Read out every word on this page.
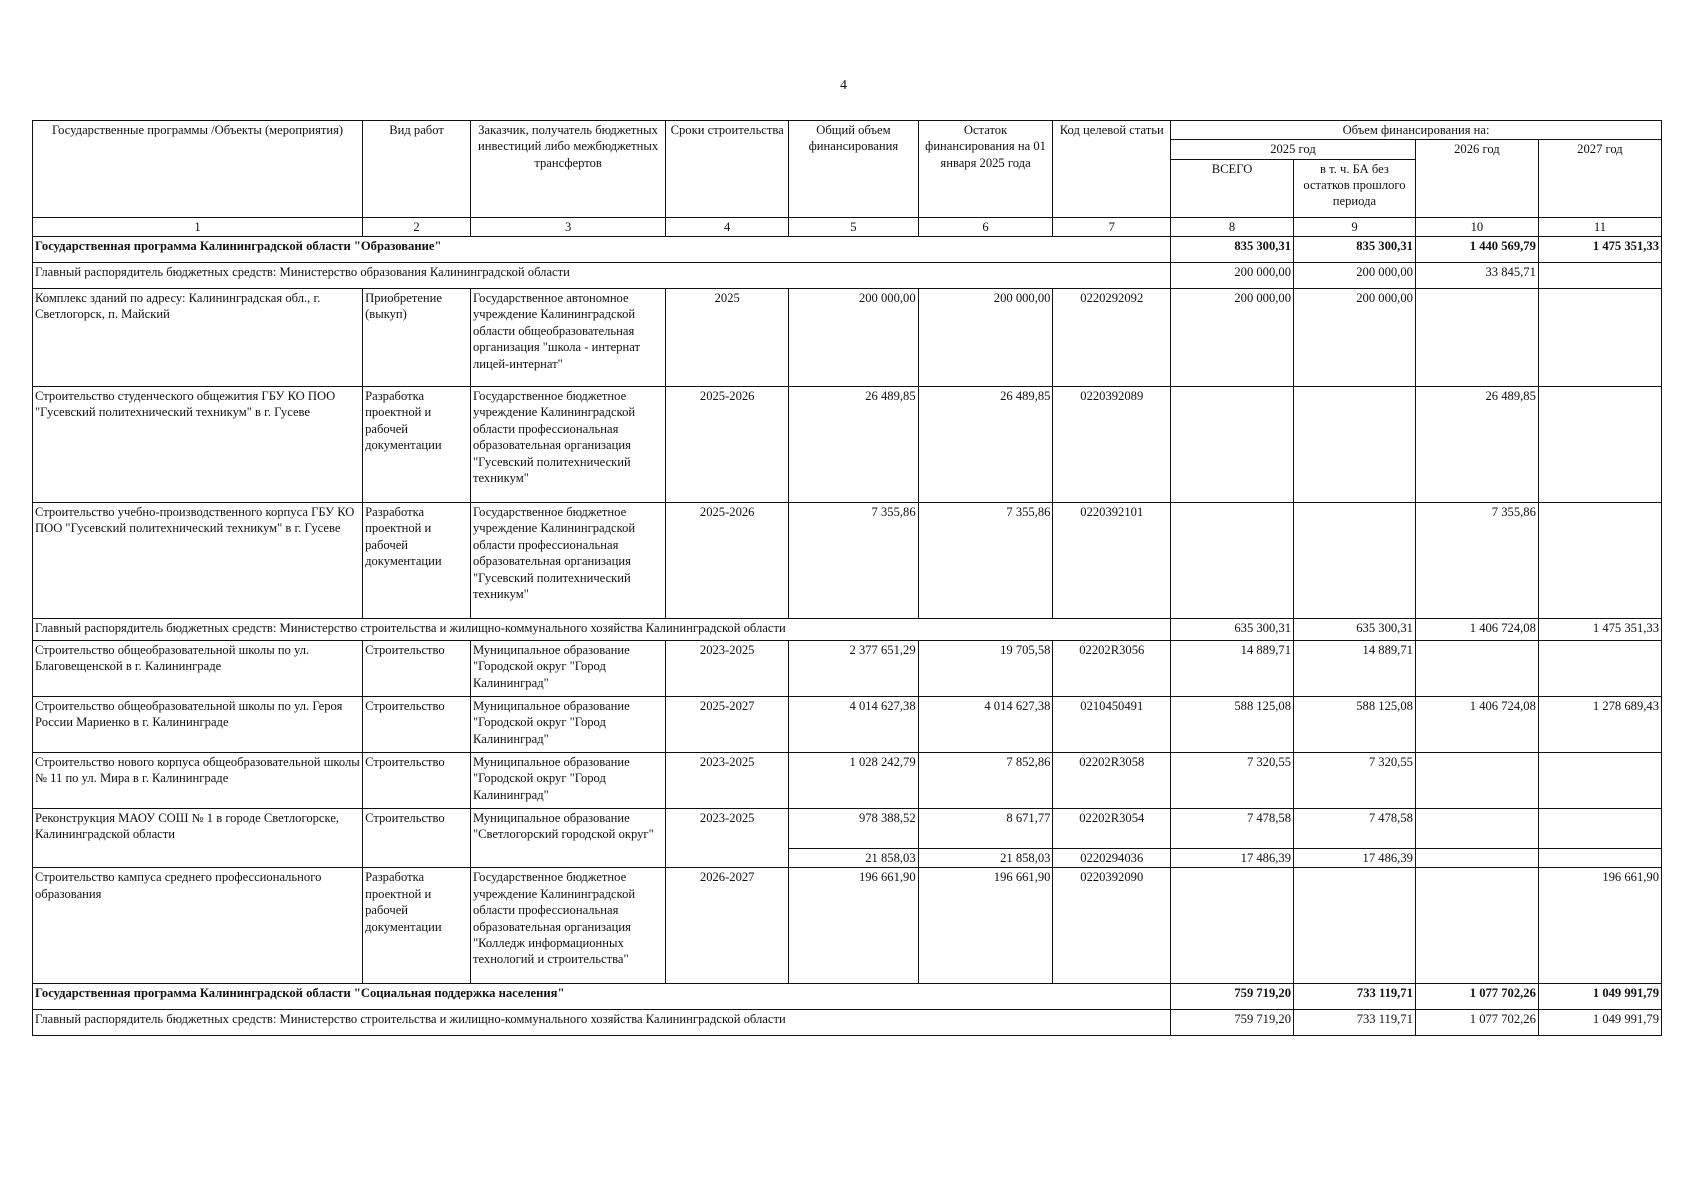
4
Государственные программы /Объекты (мероприятия)	Вид работ	Заказчик, получатель бюджетных инвестиций либо межбюджетных трансфертов	Сроки строительства	Общий объем финансирования	Остаток финансирования на 01 января 2025 года	Код целевой статьи	Объем финансирования на:			
							2025 год		2026 год	2027 год
							ВСЕГО	в т. ч. БА без остатков прошлого периода		
1	2	3	4	5	6	7	8	9	10	11
Государственная программа Калининградской области "Образование"							835 300,31	835 300,31	1 440 569,79	1 475 351,33
Главный распорядитель бюджетных средств: Министерство образования Калининградской области							200 000,00	200 000,00	33 845,71	
Комплекс зданий по адресу: Калининградская обл., г. Светлогорск, п. Майский	Приобретение (выкуп)	Государственное автономное учреждение Калининградской области общеобразовательная организация "школа - интернат лицей-интернат"	2025	200 000,00	200 000,00	0220292092	200 000,00	200 000,00		
Строительство студенческого общежития ГБУ КО ПОО "Гусевский политехнический техникум" в г. Гусеве	Разработка проектной и рабочей документации	Государственное бюджетное учреждение Калининградской области профессиональная образовательная организация "Гусевский политехнический техникум"	2025-2026	26 489,85	26 489,85	0220392089			26 489,85	
Строительство учебно-производственного корпуса ГБУ КО ПОО "Гусевский политехнический техникум" в г. Гусеве	Разработка проектной и рабочей документации	Государственное бюджетное учреждение Калининградской области профессиональная образовательная организация "Гусевский политехнический техникум"	2025-2026	7 355,86	7 355,86	0220392101			7 355,86	
Главный распорядитель бюджетных средств: Министерство строительства и жилищно-коммунального хозяйства Калининградской области							635 300,31	635 300,31	1 406 724,08	1 475 351,33
Строительство общеобразовательной школы по ул. Благовещенской в г. Калининграде	Строительство	Муниципальное образование "Городской округ "Город Калининград"	2023-2025	2 377 651,29	19 705,58	02202R3056	14 889,71	14 889,71		
Строительство общеобразовательной школы по ул. Героя России Мариенко в г. Калининграде	Строительство	Муниципальное образование "Городской округ "Город Калининград"	2025-2027	4 014 627,38	4 014 627,38	0210450491	588 125,08	588 125,08	1 406 724,08	1 278 689,43
Строительство нового корпуса общеобразовательной школы № 11 по ул. Мира в г. Калининграде	Строительство	Муниципальное образование "Городской округ "Город Калининград"	2023-2025	1 028 242,79	7 852,86	02202R3058	7 320,55	7 320,55		
Реконструкция МАОУ СОШ № 1 в городе Светлогорске, Калининградской области	Строительство	Муниципальное образование "Светлогорский городской округ"	2023-2025	978 388,52	8 671,77	02202R3054	7 478,58	7 478,58		
				21 858,03	21 858,03	0220294036	17 486,39	17 486,39		
Строительство кампуса среднего профессионального образования	Разработка проектной и рабочей документации	Государственное бюджетное учреждение Калининградской области профессиональная образовательная организация "Колледж информационных технологий и строительства"	2026-2027	196 661,90	196 661,90	0220392090				196 661,90
Государственная программа Калининградской области "Социальная поддержка населения"							759 719,20	733 119,71	1 077 702,26	1 049 991,79
Главный распорядитель бюджетных средств: Министерство строительства и жилищно-коммунального хозяйства Калининградской области							759 719,20	733 119,71	1 077 702,26	1 049 991,79
